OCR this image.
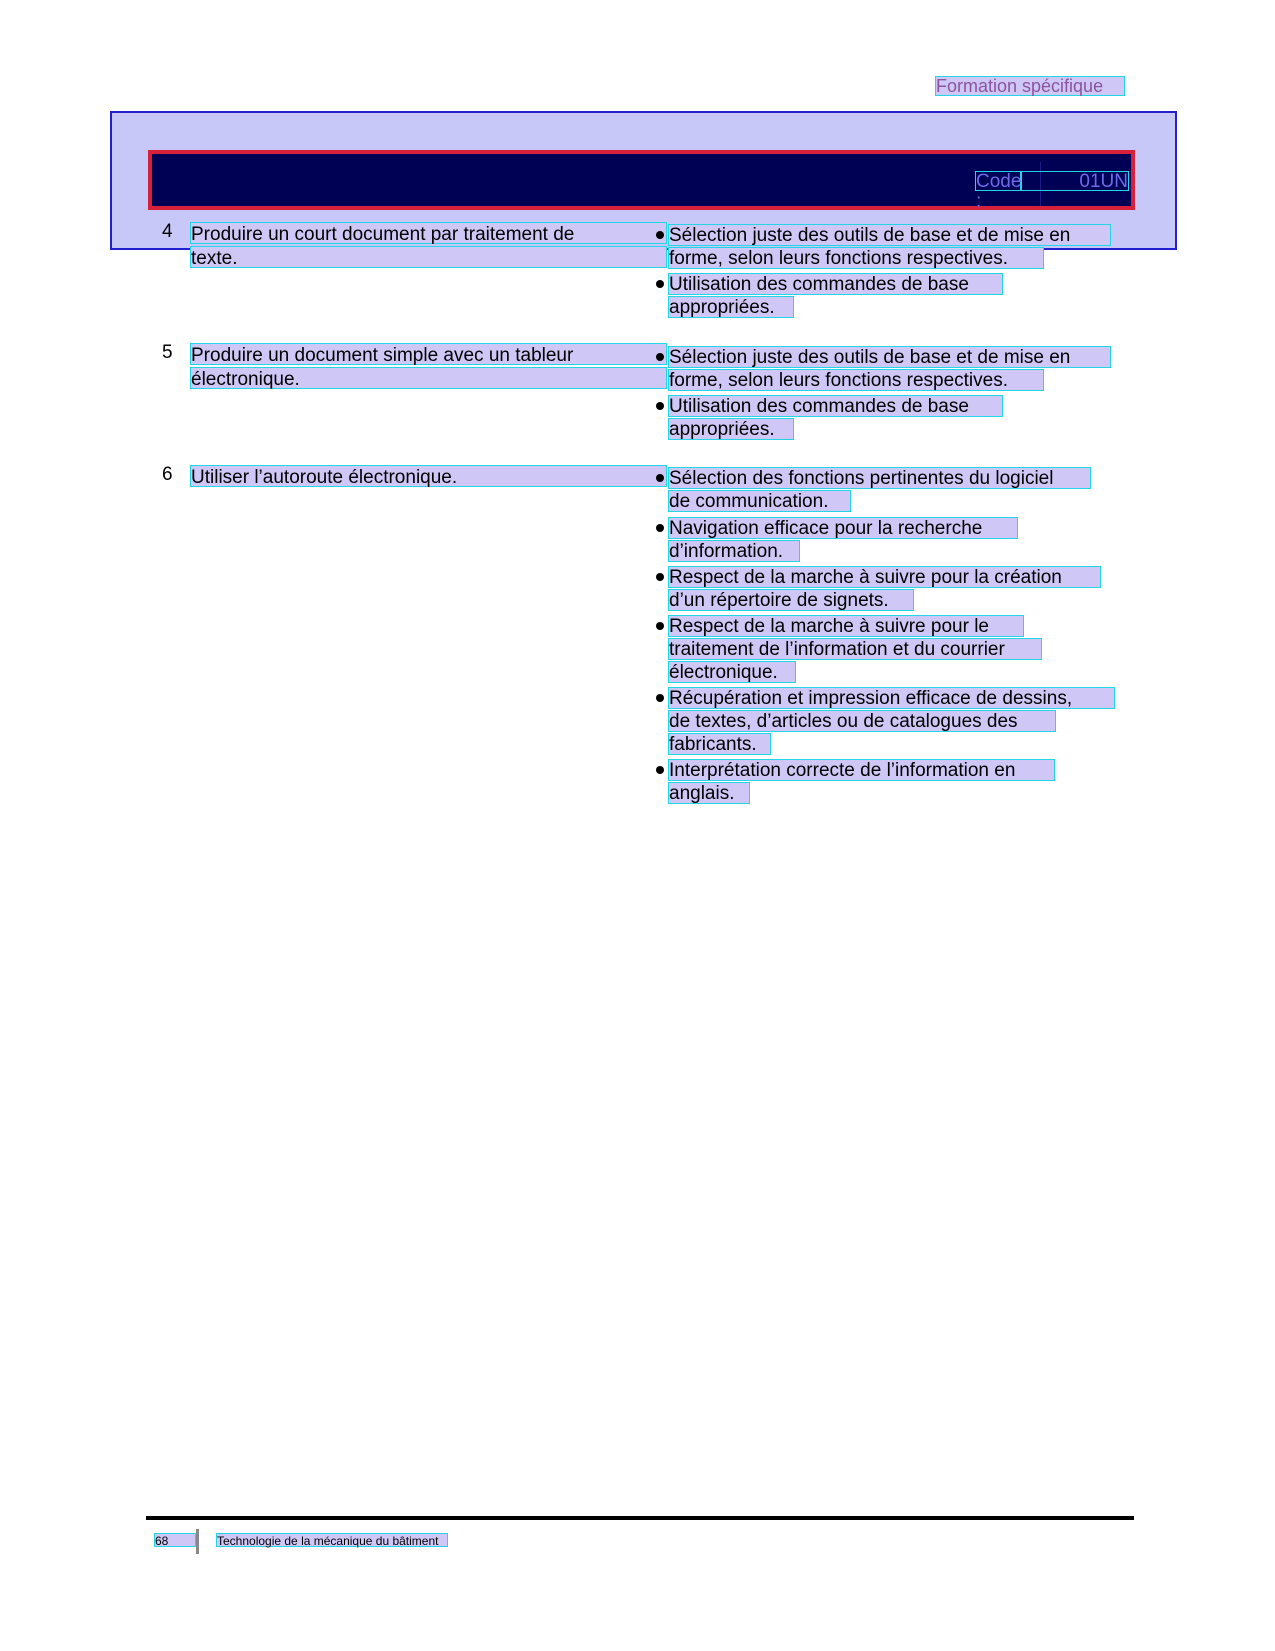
Formation spécifique
Code :
01UN
4 Produire un court document par traitement de
texte.
Sélection juste des outils de base et de mise en
forme, selon leurs fonctions respectives.
Utilisation des commandes de base
appropriées.
5 Produire un document simple avec un tableur
électronique.
Sélection juste des outils de base et de mise en
forme, selon leurs fonctions respectives.
Utilisation des commandes de base
appropriées.
6 Utiliser l’autoroute électronique.	Sélection des fonctions pertinentes du logiciel
de communication.
Navigation efficace pour la recherche
d’information.
Respect de la marche à suivre pour la création
d’un répertoire de signets.
Respect de la marche à suivre pour le
traitement de l’information et du courrier
électronique.
Récupération et impression efficace de dessins,
de textes, d’articles ou de catalogues des
fabricants.
Interprétation correcte de l’information en
anglais.
68	Technologie de la mécanique du bâtiment
